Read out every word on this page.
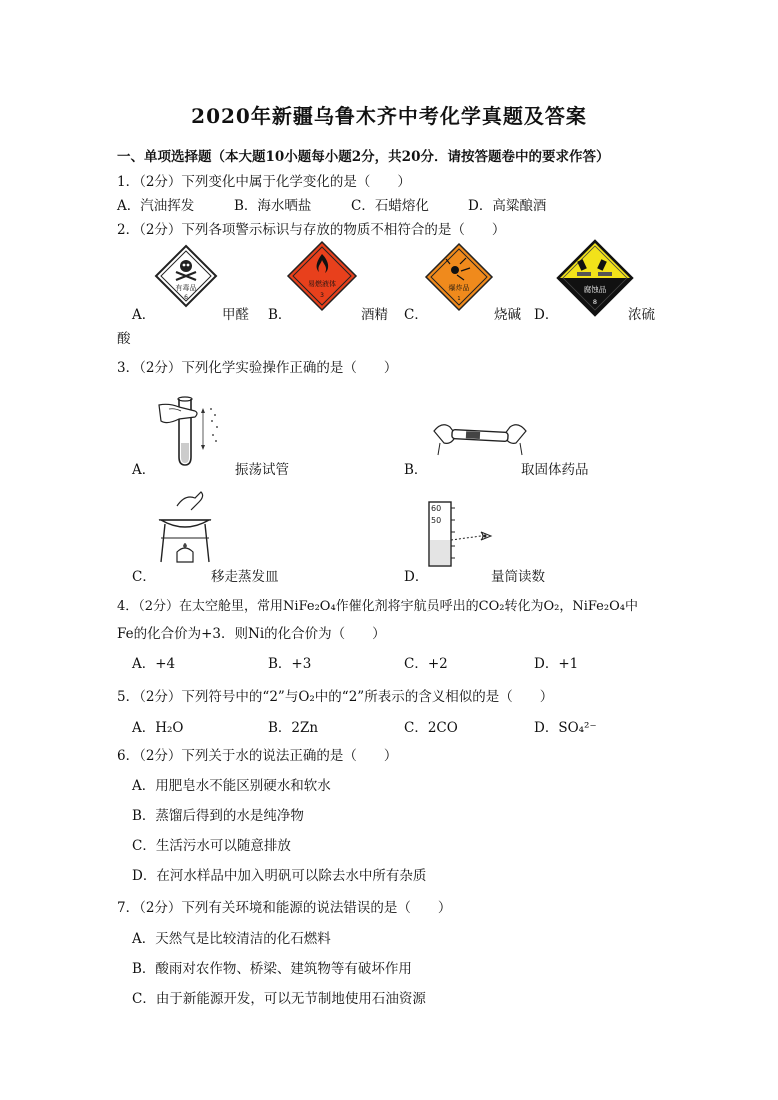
2020年新疆乌鲁木齐中考化学真题及答案
一、单项选择题（本大题10小题每小题2分，共20分．请按答题卷中的要求作答）
1．（2分）下列变化中属于化学变化的是（　　）
A．汽油挥发	B．海水晒盐	C．石蜡熔化	D．高粱酿酒
2．（2分）下列各项警示标识与存放的物质不相符合的是（　　）
有毒品
6
易燃液体
3
爆炸品
1
腐蚀品
8
A．	甲醛 B．	酒精 C．	烧碱 D．	浓硫
酸
3．（2分）下列化学实验操作正确的是（　　）
A．	振荡试管	B．	取固体药品
C．	移走蒸发皿
60
50
D．	量筒读数
4．（2分）在太空舱里，常用NiFe₂O₄作催化剂将宇航员呼出的CO₂转化为O₂，NiFe₂O₄中
Fe的化合价为+3．则Ni的化合价为（　　）
A．+4	B．+3	C．+2	D．+1
5．（2分）下列符号中的“2”与O₂中的“2”所表示的含义相似的是（　　）
A．H₂O	B．2Zn	C．2CO	D．SO₄²⁻
6．（2分）下列关于水的说法正确的是（　　）
A．用肥皂水不能区别硬水和软水
B．蒸馏后得到的水是纯净物
C．生活污水可以随意排放
D．在河水样品中加入明矾可以除去水中所有杂质
7．（2分）下列有关环境和能源的说法错误的是（　　）
A．天然气是比较清洁的化石燃料
B．酸雨对农作物、桥梁、建筑物等有破坏作用
C．由于新能源开发，可以无节制地使用石油资源
